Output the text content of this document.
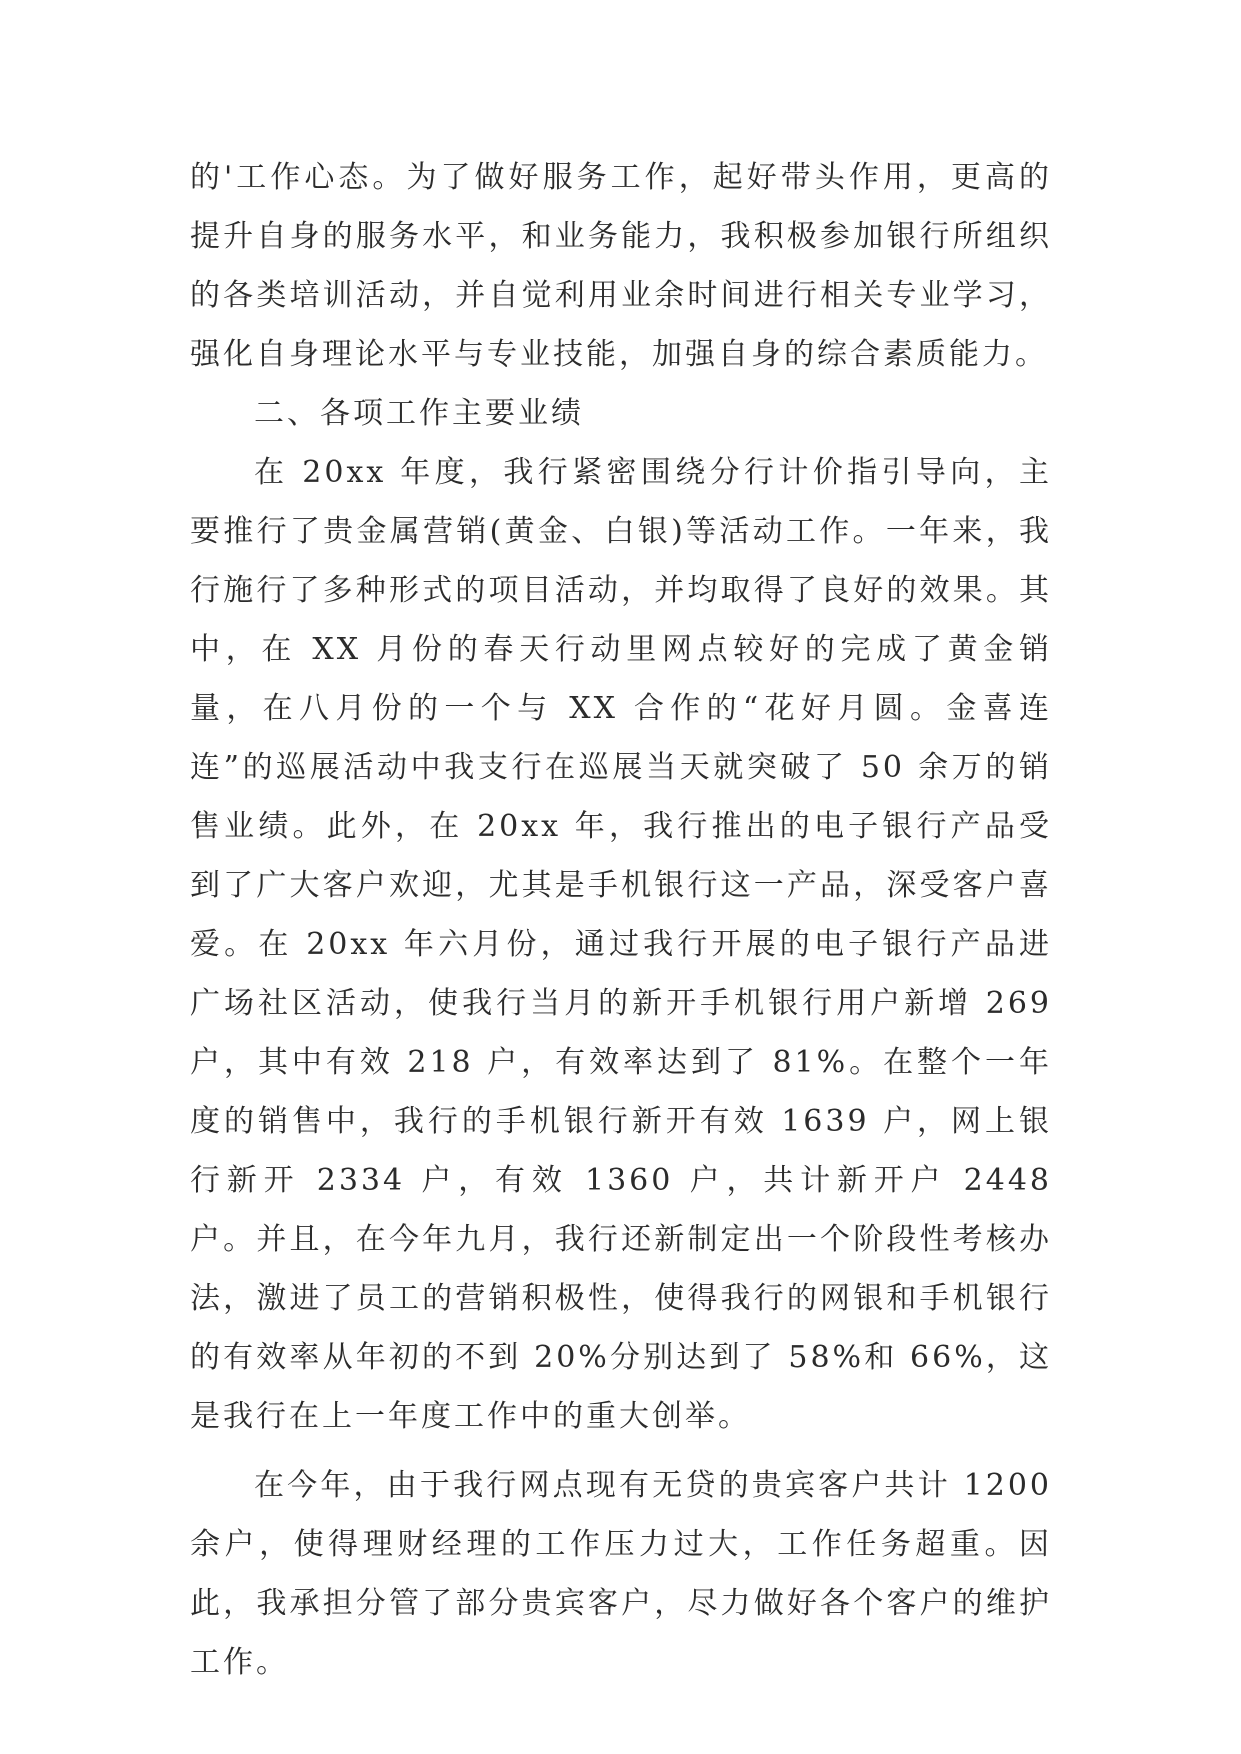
的'工作心态。为了做好服务工作，起好带头作用，更高的提升自身的服务水平，和业务能力，我积极参加银行所组织的各类培训活动，并自觉利用业余时间进行相关专业学习，强化自身理论水平与专业技能，加强自身的综合素质能力。

二、各项工作主要业绩

在 20xx 年度，我行紧密围绕分行计价指引导向，主要推行了贵金属营销(黄金、白银)等活动工作。一年来，我行施行了多种形式的项目活动，并均取得了良好的效果。其中，在 XX 月份的春天行动里网点较好的完成了黄金销量，在八月份的一个与 XX 合作的“花好月圆。金喜连连”的巡展活动中我支行在巡展当天就突破了 50 余万的销售业绩。此外，在 20xx 年，我行推出的电子银行产品受到了广大客户欢迎，尤其是手机银行这一产品，深受客户喜爱。在 20xx 年六月份，通过我行开展的电子银行产品进广场社区活动，使我行当月的新开手机银行用户新增 269 户，其中有效 218 户，有效率达到了 81%。在整个一年度的销售中，我行的手机银行新开有效 1639 户，网上银行新开 2334 户，有效 1360 户，共计新开户 2448 户。并且，在今年九月，我行还新制定出一个阶段性考核办法，激进了员工的营销积极性，使得我行的网银和手机银行的有效率从年初的不到 20%分别达到了 58%和 66%，这是我行在上一年度工作中的重大创举。

在今年，由于我行网点现有无贷的贵宾客户共计 1200 余户，使得理财经理的工作压力过大，工作任务超重。因此，我承担分管了部分贵宾客户，尽力做好各个客户的维护工作。
